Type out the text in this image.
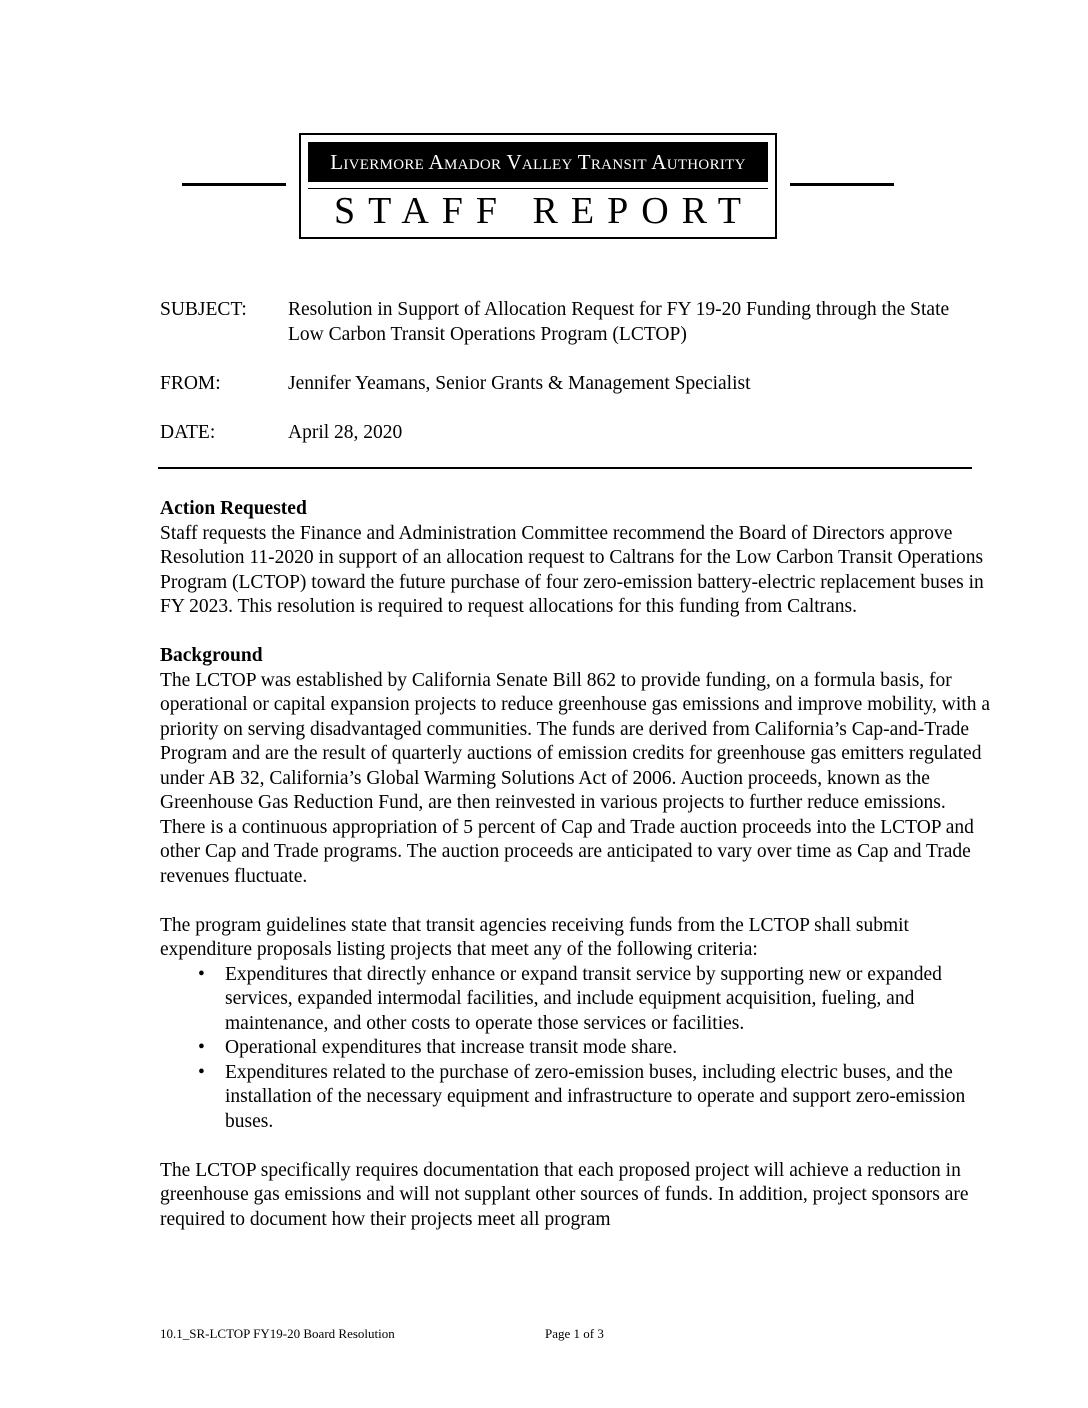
Livermore Amador Valley Transit Authority
STAFF REPORT
SUBJECT:	Resolution in Support of Allocation Request for FY 19-20 Funding through the State Low Carbon Transit Operations Program (LCTOP)
FROM:	Jennifer Yeamans, Senior Grants & Management Specialist
DATE:	April 28, 2020
Action Requested

Staff requests the Finance and Administration Committee recommend the Board of Directors approve Resolution 11-2020 in support of an allocation request to Caltrans for the Low Carbon Transit Operations Program (LCTOP) toward the future purchase of four zero-emission battery-electric replacement buses in FY 2023. This resolution is required to request allocations for this funding from Caltrans.

Background

The LCTOP was established by California Senate Bill 862 to provide funding, on a formula basis, for operational or capital expansion projects to reduce greenhouse gas emissions and improve mobility, with a priority on serving disadvantaged communities. The funds are derived from California’s Cap-and-Trade Program and are the result of quarterly auctions of emission credits for greenhouse gas emitters regulated under AB 32, California’s Global Warming Solutions Act of 2006. Auction proceeds, known as the Greenhouse Gas Reduction Fund, are then reinvested in various projects to further reduce emissions. There is a continuous appropriation of 5 percent of Cap and Trade auction proceeds into the LCTOP and other Cap and Trade programs. The auction proceeds are anticipated to vary over time as Cap and Trade revenues fluctuate.

The program guidelines state that transit agencies receiving funds from the LCTOP shall submit expenditure proposals listing projects that meet any of the following criteria:

• Expenditures that directly enhance or expand transit service by supporting new or expanded services, expanded intermodal facilities, and include equipment acquisition, fueling, and maintenance, and other costs to operate those services or facilities.
• Operational expenditures that increase transit mode share.
• Expenditures related to the purchase of zero-emission buses, including electric buses, and the installation of the necessary equipment and infrastructure to operate and support zero-emission buses.

The LCTOP specifically requires documentation that each proposed project will achieve a reduction in greenhouse gas emissions and will not supplant other sources of funds. In addition, project sponsors are required to document how their projects meet all program

10.1_SR-LCTOP FY19-20 Board Resolution	Page 1 of 3
